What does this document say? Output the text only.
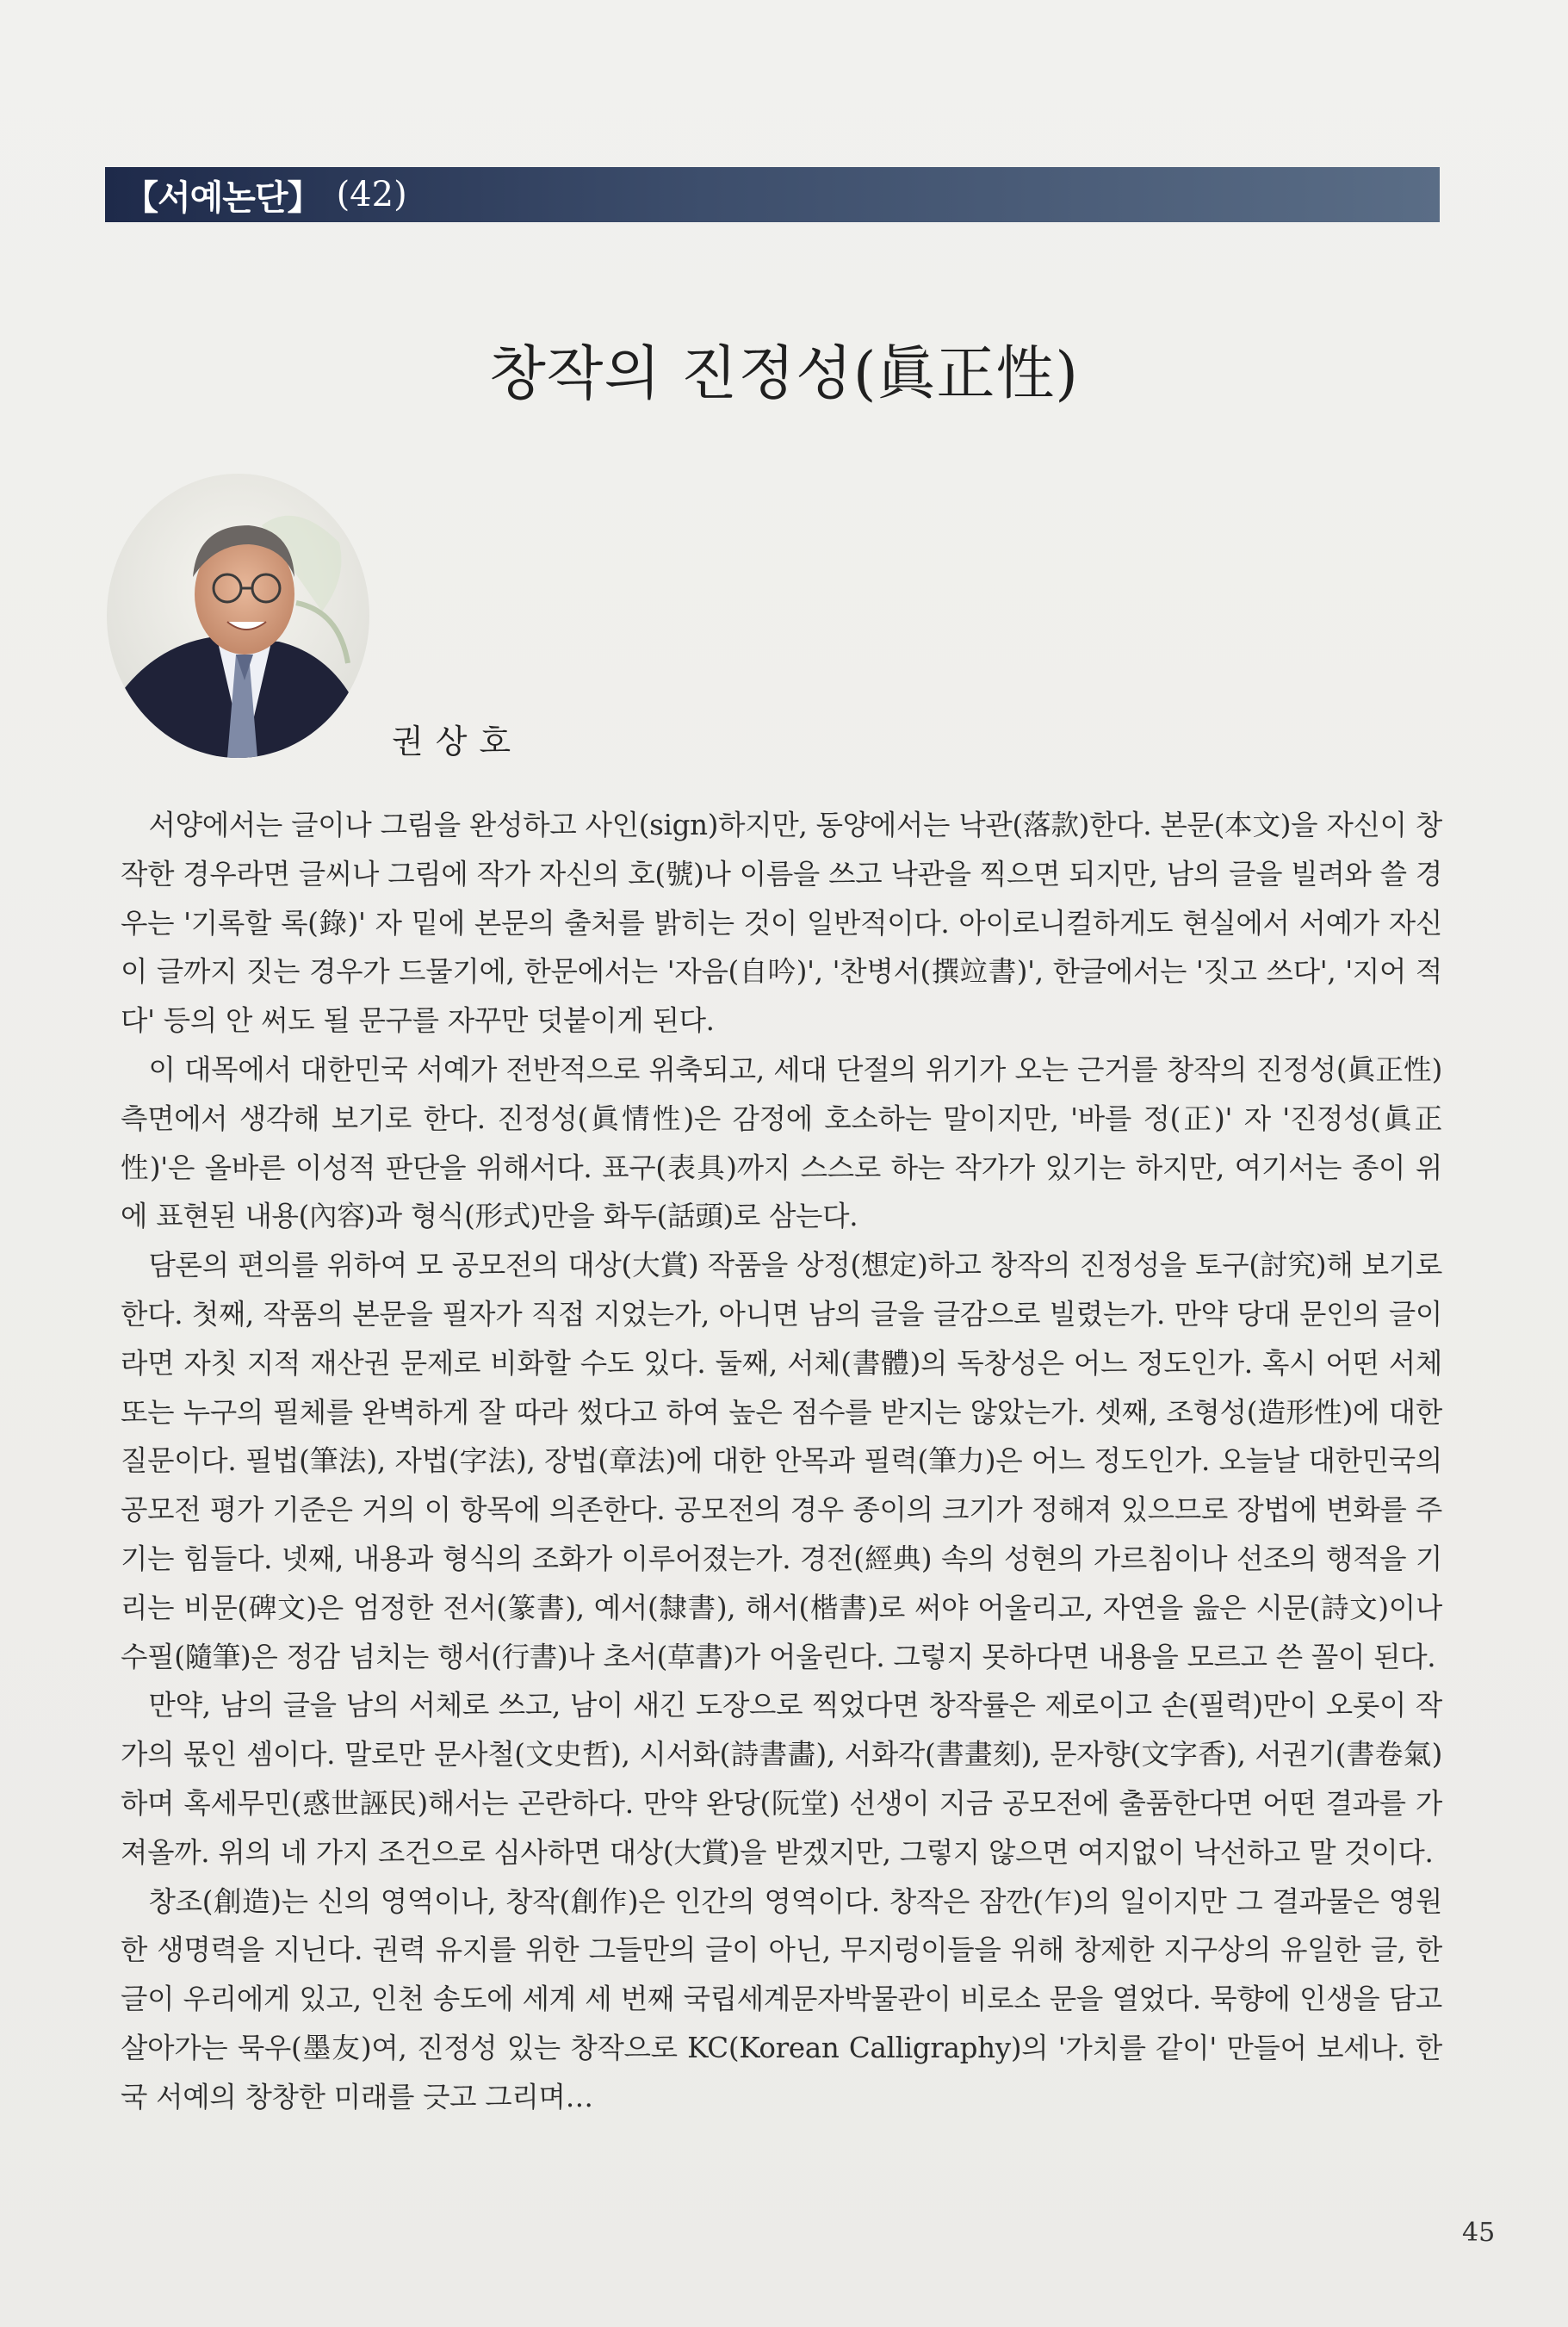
【서예논단】 (42)
창작의 진정성(眞正性)
권상호

서양에서는 글이나 그림을 완성하고 사인(sign)하지만, 동양에서는 낙관(落款)한다. 본문(本文)을 자신이 창작한 경우라면 글씨나 그림에 작가 자신의 호(號)나 이름을 쓰고 낙관을 찍으면 되지만, 남의 글을 빌려와 쓸 경우는 '기록할 록(錄)' 자 밑에 본문의 출처를 밝히는 것이 일반적이다. 아이로니컬하게도 현실에서 서예가 자신이 글까지 짓는 경우가 드물기에, 한문에서는 '자음(自吟)', '찬병서(撰竝書)', 한글에서는 '짓고 쓰다', '지어 적다' 등의 안 써도 될 문구를 자꾸만 덧붙이게 된다.

이 대목에서 대한민국 서예가 전반적으로 위축되고, 세대 단절의 위기가 오는 근거를 창작의 진정성(眞正性) 측면에서 생각해 보기로 한다. 진정성(眞情性)은 감정에 호소하는 말이지만, '바를 정(正)' 자 '진정성(眞正性)'은 올바른 이성적 판단을 위해서다. 표구(表具)까지 스스로 하는 작가가 있기는 하지만, 여기서는 종이 위에 표현된 내용(內容)과 형식(形式)만을 화두(話頭)로 삼는다.

담론의 편의를 위하여 모 공모전의 대상(大賞) 작품을 상정(想定)하고 창작의 진정성을 토구(討究)해 보기로 한다. 첫째, 작품의 본문을 필자가 직접 지었는가, 아니면 남의 글을 글감으로 빌렸는가. 만약 당대 문인의 글이라면 자칫 지적 재산권 문제로 비화할 수도 있다. 둘째, 서체(書體)의 독창성은 어느 정도인가. 혹시 어떤 서체 또는 누구의 필체를 완벽하게 잘 따라 썼다고 하여 높은 점수를 받지는 않았는가. 셋째, 조형성(造形性)에 대한 질문이다. 필법(筆法), 자법(字法), 장법(章法)에 대한 안목과 필력(筆力)은 어느 정도인가. 오늘날 대한민국의 공모전 평가 기준은 거의 이 항목에 의존한다. 공모전의 경우 종이의 크기가 정해져 있으므로 장법에 변화를 주기는 힘들다. 넷째, 내용과 형식의 조화가 이루어졌는가. 경전(經典) 속의 성현의 가르침이나 선조의 행적을 기리는 비문(碑文)은 엄정한 전서(篆書), 예서(隸書), 해서(楷書)로 써야 어울리고, 자연을 읊은 시문(詩文)이나 수필(隨筆)은 정감 넘치는 행서(行書)나 초서(草書)가 어울린다. 그렇지 못하다면 내용을 모르고 쓴 꼴이 된다.

만약, 남의 글을 남의 서체로 쓰고, 남이 새긴 도장으로 찍었다면 창작률은 제로이고 손(필력)만이 오롯이 작가의 몫인 셈이다. 말로만 문사철(文史哲), 시서화(詩書畵), 서화각(書畫刻), 문자향(文字香), 서권기(書卷氣)하며 혹세무민(惑世誣民)해서는 곤란하다. 만약 완당(阮堂) 선생이 지금 공모전에 출품한다면 어떤 결과를 가져올까. 위의 네 가지 조건으로 심사하면 대상(大賞)을 받겠지만, 그렇지 않으면 여지없이 낙선하고 말 것이다.

창조(創造)는 신의 영역이나, 창작(創作)은 인간의 영역이다. 창작은 잠깐(乍)의 일이지만 그 결과물은 영원한 생명력을 지닌다. 권력 유지를 위한 그들만의 글이 아닌, 무지렁이들을 위해 창제한 지구상의 유일한 글, 한글이 우리에게 있고, 인천 송도에 세계 세 번째 국립세계문자박물관이 비로소 문을 열었다. 묵향에 인생을 담고 살아가는 묵우(墨友)여, 진정성 있는 창작으로 KC(Korean Calligraphy)의 '가치를 같이' 만들어 보세나. 한국 서예의 창창한 미래를 긋고 그리며…

45
